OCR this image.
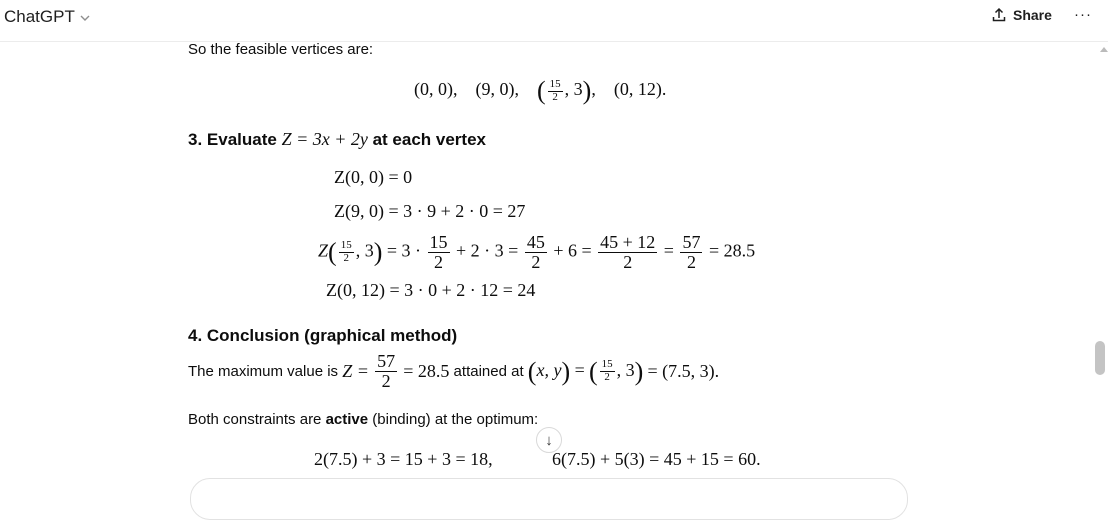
ChatGPT	Share ···
So the feasible vertices are:
(0, 0), (9, 0), ( $\frac{15}{2}$ , 3), (0, 12).
3. Evaluate Z = 3x + 2y at each vertex
Z(0, 0) = 0
Z(9, 0) = 3 · 9 + 2 · 0 = 27
$Z( \frac{15}{2}$ , $3) = 3 \cdot \frac{15}{2} + 2 \cdot 3 = \frac{45}{2} + 6 = \frac{45 + 12}{2} = \frac{57}{2} = 28.5$
Z(0, 12) = 3 · 0 + 2 · 12 = 24
4. Conclusion (graphical method)
The maximum value is $Z = \frac{57}{2} = 28.5$ attained at (x, y) = ( $\frac{15}{2}$ , 3) = (7.5, 3).
Both constraints are active (binding) at the optimum:
2(7.5) + 3 = 15 + 3 = 18,	6(7.5) + 5(3) = 45 + 15 = 60.
↓
